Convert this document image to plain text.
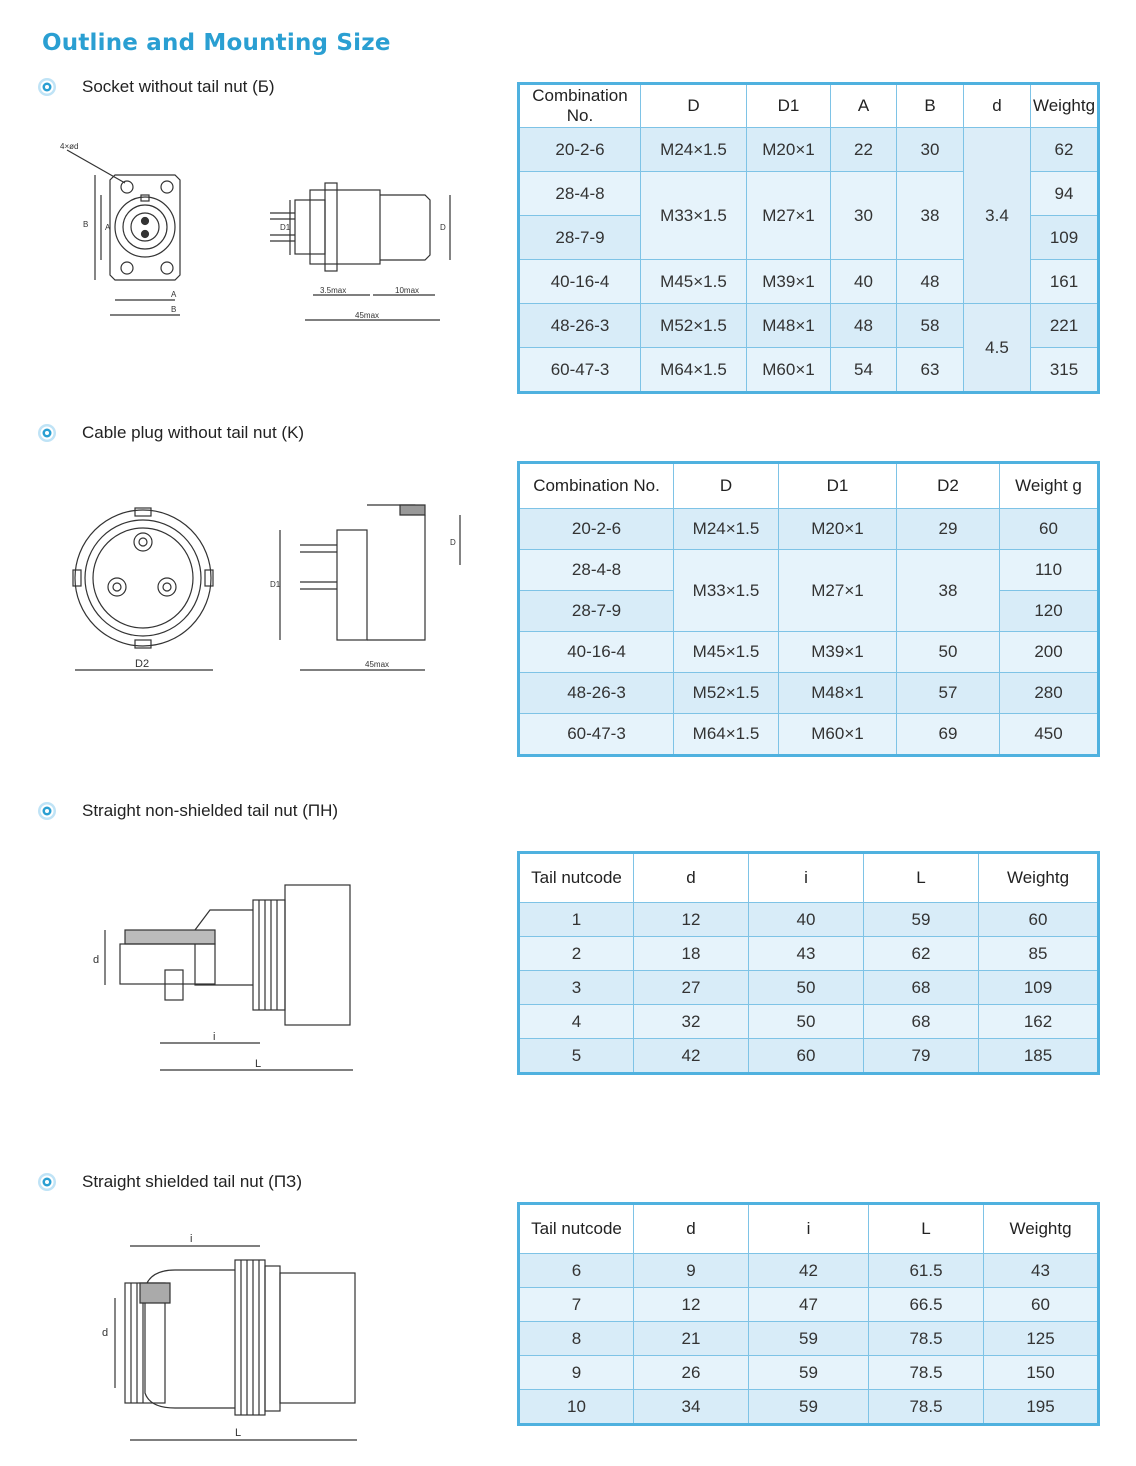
Outline and Mounting Size
Socket without tail nut (Б)
4×ød
B A
A
B
D1	D
3.5max	10max
45max
Combination No.	D	D1	A	B	d	Weightg
20-2-6	M24×1.5	M20×1	22	30	3.4	62
28-4-8	M33×1.5	M27×1	30	38		94
28-7-9						109
40-16-4	M45×1.5	M39×1	40	48		161
48-26-3	M52×1.5	M48×1	48	58	4.5	221
60-47-3	M64×1.5	M60×1	54	63		315
Cable plug without tail nut (K)
D2
D1
D
45max
Combination No.	D	D1	D2	Weight g
20-2-6	M24×1.5	M20×1	29	60
28-4-8	M33×1.5	M27×1	38	110
28-7-9				120
40-16-4	M45×1.5	M39×1	50	200
48-26-3	M52×1.5	M48×1	57	280
60-47-3	M64×1.5	M60×1	69	450
Straight non-shielded tail nut (ПН)
d
i
L
Tail nutcode	d	i	L	Weightg
1	12	40	59	60
2	18	43	62	85
3	27	50	68	109
4	32	50	68	162
5	42	60	79	185
Straight shielded tail nut (ПЗ)
i
d
L
Tail nutcode	d	i	L	Weightg
6	9	42	61.5	43
7	12	47	66.5	60
8	21	59	78.5	125
9	26	59	78.5	150
10	34	59	78.5	195
